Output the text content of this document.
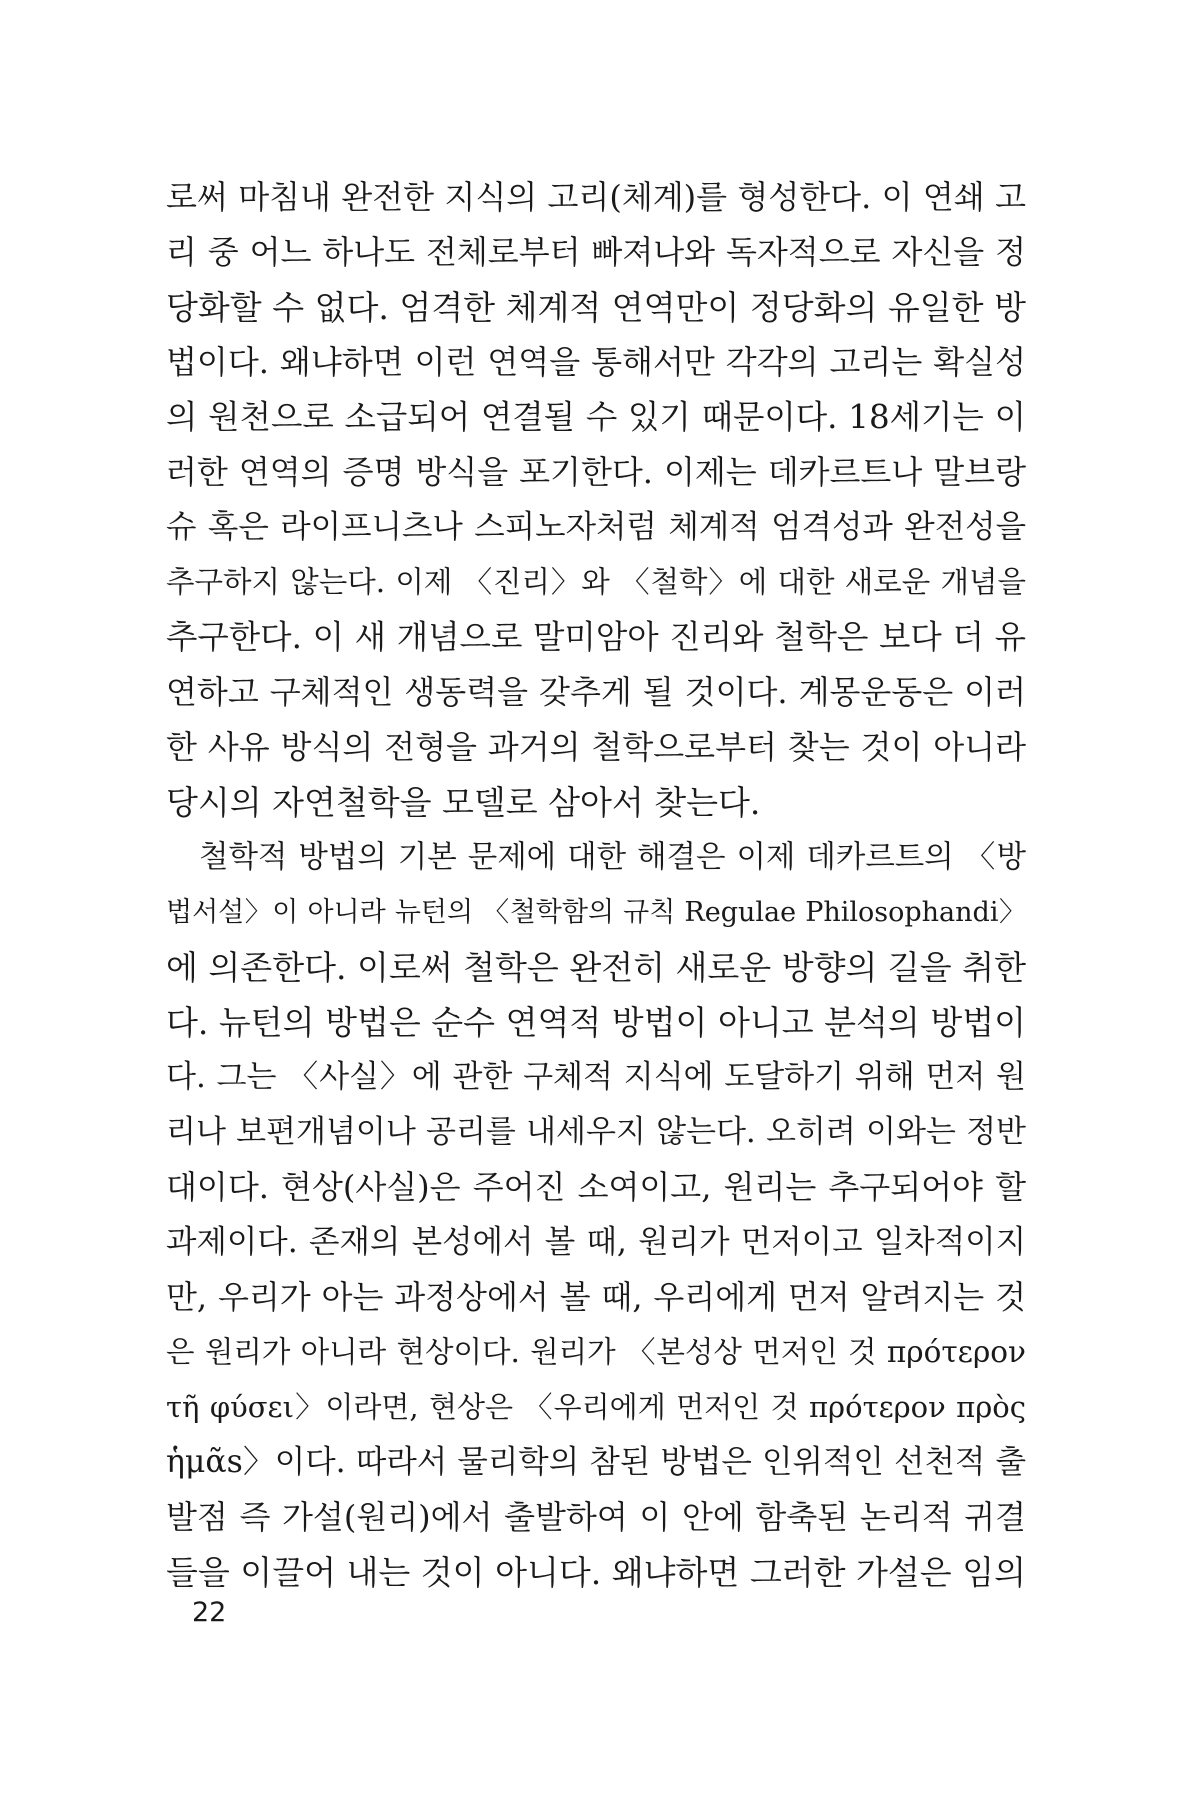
로써 마침내 완전한 지식의 고리(체계)를 형성한다. 이 연쇄 고
리 중 어느 하나도 전체로부터 빠져나와 독자적으로 자신을 정
당화할 수 없다. 엄격한 체계적 연역만이 정당화의 유일한 방
법이다. 왜냐하면 이런 연역을 통해서만 각각의 고리는 확실성
의 원천으로 소급되어 연결될 수 있기 때문이다. 18세기는 이
러한 연역의 증명 방식을 포기한다. 이제는 데카르트나 말브랑
슈 혹은 라이프니츠나 스피노자처럼 체계적 엄격성과 완전성을
추구하지 않는다. 이제 〈진리〉와 〈철학〉에 대한 새로운 개념을
추구한다. 이 새 개념으로 말미암아 진리와 철학은 보다 더 유
연하고 구체적인 생동력을 갖추게 될 것이다. 계몽운동은 이러
한 사유 방식의 전형을 과거의 철학으로부터 찾는 것이 아니라
당시의 자연철학을 모델로 삼아서 찾는다.
철학적 방법의 기본 문제에 대한 해결은 이제 데카르트의 〈방
법서설〉이 아니라 뉴턴의 〈철학함의 규칙 Regulae Philosophandi〉
에 의존한다. 이로써 철학은 완전히 새로운 방향의 길을 취한
다. 뉴턴의 방법은 순수 연역적 방법이 아니고 분석의 방법이
다. 그는 〈사실〉에 관한 구체적 지식에 도달하기 위해 먼저 원
리나 보편개념이나 공리를 내세우지 않는다. 오히려 이와는 정반
대이다. 현상(사실)은 주어진 소여이고, 원리는 추구되어야 할
과제이다. 존재의 본성에서 볼 때, 원리가 먼저이고 일차적이지
만, 우리가 아는 과정상에서 볼 때, 우리에게 먼저 알려지는 것
은 원리가 아니라 현상이다. 원리가 〈본성상 먼저인 것 πρότερον
τῆ φύσει〉이라면, 현상은 〈우리에게 먼저인 것 πρότερον πρὸς
ἡμᾶs〉이다. 따라서 물리학의 참된 방법은 인위적인 선천적 출
발점 즉 가설(원리)에서 출발하여 이 안에 함축된 논리적 귀결
들을 이끌어 내는 것이 아니다. 왜냐하면 그러한 가설은 임의
22
